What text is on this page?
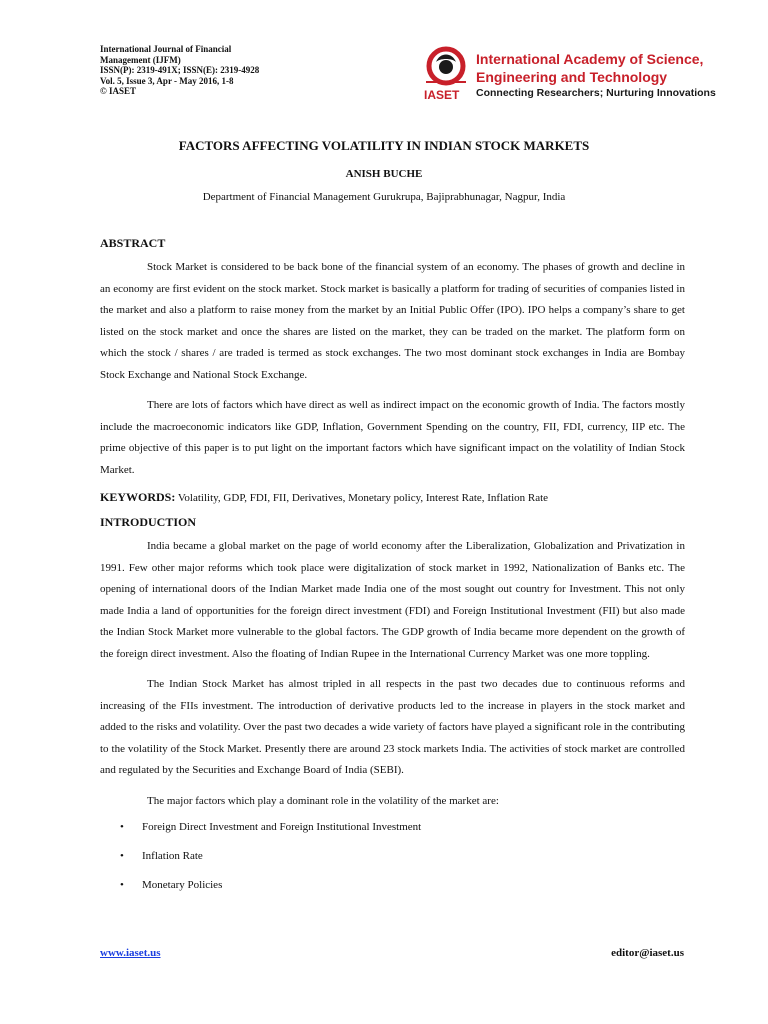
International Journal of Financial
Management (IJFM)
ISSN(P): 2319-491X; ISSN(E): 2319-4928
Vol. 5, Issue 3, Apr - May 2016, 1-8
© IASET	IASET
International Academy of Science,
Engineering and Technology
Connecting Researchers; Nurturing Innovations
FACTORS AFFECTING VOLATILITY IN INDIAN STOCK MARKETS
ANISH BUCHE
Department of Financial Management Gurukrupa, Bajiprabhunagar, Nagpur, India
ABSTRACT

Stock Market is considered to be back bone of the financial system of an economy. The phases of growth and decline in an economy are first evident on the stock market. Stock market is basically a platform for trading of securities of companies listed in the market and also a platform to raise money from the market by an Initial Public Offer (IPO). IPO helps a company’s share to get listed on the stock market and once the shares are listed on the market, they can be traded on the market. The platform form on which the stock / shares / are traded is termed as stock exchanges. The two most dominant stock exchanges in India are Bombay Stock Exchange and National Stock Exchange.

There are lots of factors which have direct as well as indirect impact on the economic growth of India. The factors mostly include the macroeconomic indicators like GDP, Inflation, Government Spending on the country, FII, FDI, currency, IIP etc. The prime objective of this paper is to put light on the important factors which have significant impact on the volatility of Indian Stock Market.

KEYWORDS: Volatility, GDP, FDI, FII, Derivatives, Monetary policy, Interest Rate, Inflation Rate

INTRODUCTION

India became a global market on the page of world economy after the Liberalization, Globalization and Privatization in 1991. Few other major reforms which took place were digitalization of stock market in 1992, Nationalization of Banks etc. The opening of international doors of the Indian Market made India one of the most sought out country for Investment. This not only made India a land of opportunities for the foreign direct investment (FDI) and Foreign Institutional Investment (FII) but also made the Indian Stock Market more vulnerable to the global factors. The GDP growth of India became more dependent on the growth of the foreign direct investment. Also the floating of Indian Rupee in the International Currency Market was one more toppling.

The Indian Stock Market has almost tripled in all respects in the past two decades due to continuous reforms and increasing of the FIIs investment. The introduction of derivative products led to the increase in players in the stock market and added to the risks and volatility. Over the past two decades a wide variety of factors have played a significant role in the contributing to the volatility of the Stock Market. Presently there are around 23 stock markets India. The activities of stock market are controlled and regulated by the Securities and Exchange Board of India (SEBI).

The major factors which play a dominant role in the volatility of the market are:

• Foreign Direct Investment and Foreign Institutional Investment
• Inflation Rate
• Monetary Policies
www.iaset.us	editor@iaset.us
